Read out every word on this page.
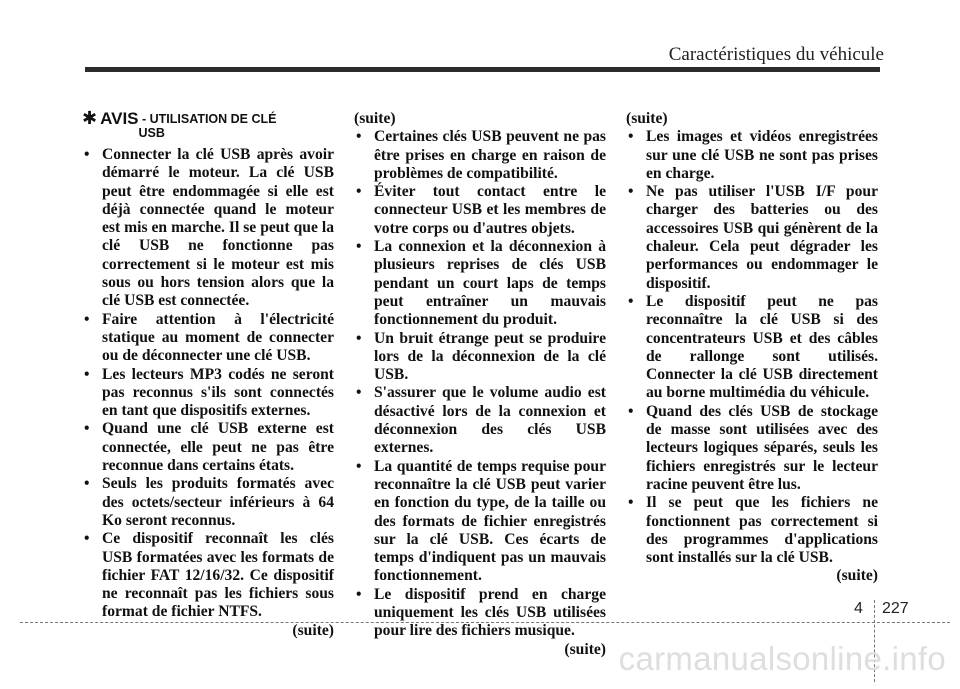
Caractéristiques du véhicule
✱ AVIS - UTILISATION DE CLÉ
USB
• Connecter la clé USB après avoir démarré le moteur. La clé USB peut être endommagée si elle est déjà connectée quand le moteur est mis en marche. Il se peut que la clé USB ne fonctionne pas correctement si le moteur est mis sous ou hors tension alors que la clé USB est connectée.
• Faire attention à l'électricité statique au moment de connecter ou de déconnecter une clé USB.
• Les lecteurs MP3 codés ne seront pas reconnus s'ils sont connectés en tant que dispositifs externes.
• Quand une clé USB externe est connectée, elle peut ne pas être reconnue dans certains états.
• Seuls les produits formatés avec des octets/secteur inférieurs à 64 Ko seront reconnus.
• Ce dispositif reconnaît les clés USB formatées avec les formats de fichier FAT 12/16/32. Ce dispositif ne reconnaît pas les fichiers sous format de fichier NTFS.
(suite)
(suite)
• Certaines clés USB peuvent ne pas être prises en charge en raison de problèmes de compatibilité.
• Éviter tout contact entre le connecteur USB et les membres de votre corps ou d'autres objets.
• La connexion et la déconnexion à plusieurs reprises de clés USB pendant un court laps de temps peut entraîner un mauvais fonctionnement du produit.
• Un bruit étrange peut se produire lors de la déconnexion de la clé USB.
• S'assurer que le volume audio est désactivé lors de la connexion et déconnexion des clés USB externes.
• La quantité de temps requise pour reconnaître la clé USB peut varier en fonction du type, de la taille ou des formats de fichier enregistrés sur la clé USB. Ces écarts de temps d'indiquent pas un mauvais fonctionnement.
• Le dispositif prend en charge uniquement les clés USB utilisées pour lire des fichiers musique.
(suite)
(suite)
• Les images et vidéos enregistrées sur une clé USB ne sont pas prises en charge.
• Ne pas utiliser l'USB I/F pour charger des batteries ou des accessoires USB qui génèrent de la chaleur. Cela peut dégrader les performances ou endommager le dispositif.
• Le dispositif peut ne pas reconnaître la clé USB si des concentrateurs USB et des câbles de rallonge sont utilisés. Connecter la clé USB directement au borne multimédia du véhicule.
• Quand des clés USB de stockage de masse sont utilisées avec des lecteurs logiques séparés, seuls les fichiers enregistrés sur le lecteur racine peuvent être lus.
• Il se peut que les fichiers ne fonctionnent pas correctement si des programmes d'applications sont installés sur la clé USB.
(suite)
4 227
carmanualsonline.info
